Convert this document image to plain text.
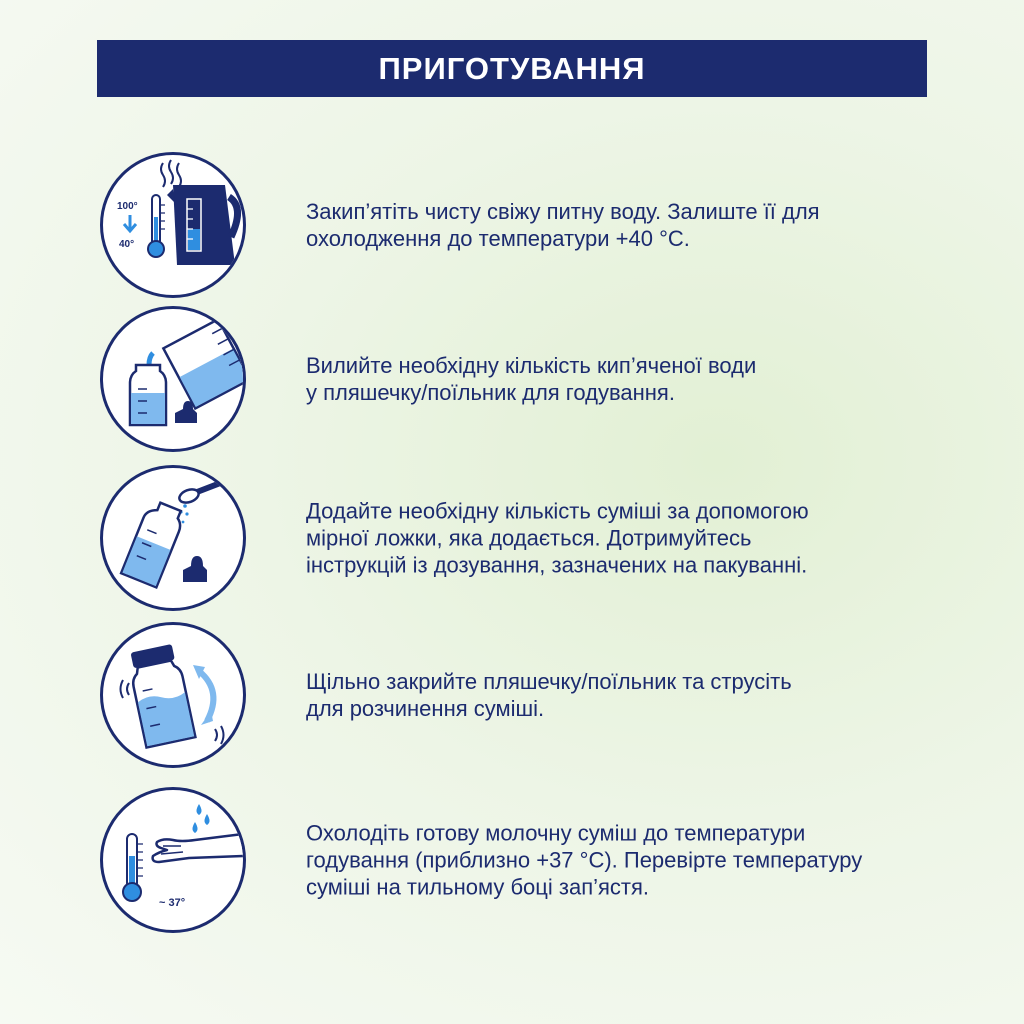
ПРИГОТУВАННЯ
100°
40°
Закип’ятіть чисту свіжу питну воду. Залиште її для
охолодження до температури +40 °С.
Вилийте необхідну кількість кип’яченої води
у пляшечку/поїльник для годування.
Додайте необхідну кількість суміші за допомогою
мірної ложки, яка додається. Дотримуйтесь
інструкцій із дозування, зазначених на пакуванні.
Щільно закрийте пляшечку/поїльник та струсіть
для розчинення суміші.
~ 37°
Охолодіть готову молочну суміш до температури
годування (приблизно +37 °С). Перевірте температуру
суміші на тильному боці зап’ястя.
